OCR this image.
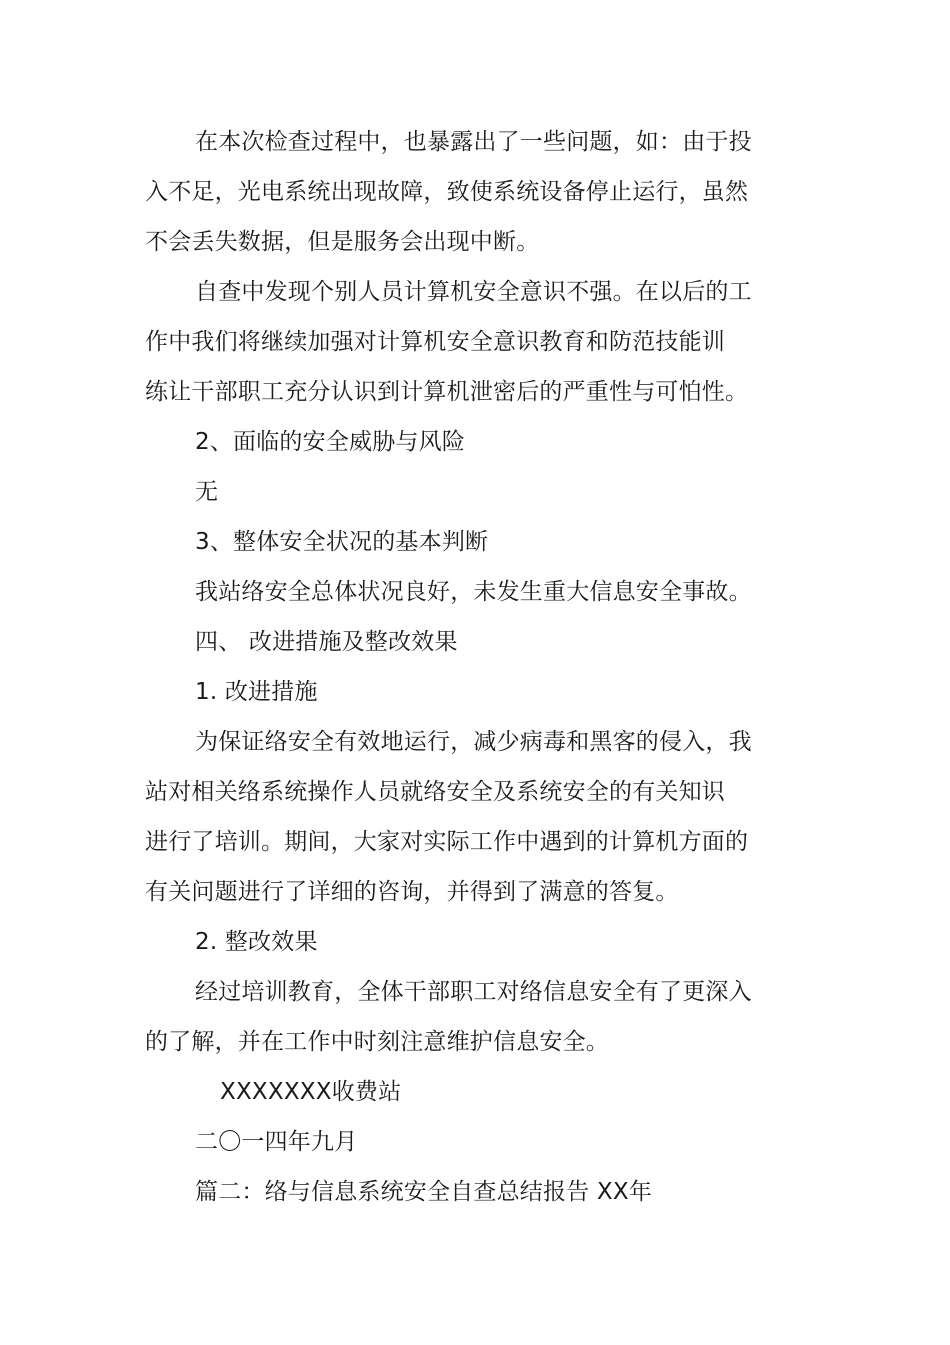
在本次检查过程中，也暴露出了一些问题，如：由于投
入不足，光电系统出现故障，致使系统设备停止运行，虽然
不会丢失数据，但是服务会出现中断。
自查中发现个别人员计算机安全意识不强。在以后的工
作中我们将继续加强对计算机安全意识教育和防范技能训
练让干部职工充分认识到计算机泄密后的严重性与可怕性。
2、面临的安全威胁与风险
无
3、整体安全状况的基本判断
我站络安全总体状况良好，未发生重大信息安全事故。
四、 改进措施及整改效果
1. 改进措施
为保证络安全有效地运行，减少病毒和黑客的侵入，我
站对相关络系统操作人员就络安全及系统安全的有关知识
进行了培训。期间，大家对实际工作中遇到的计算机方面的
有关问题进行了详细的咨询，并得到了满意的答复。
2. 整改效果
经过培训教育，全体干部职工对络信息安全有了更深入
的了解，并在工作中时刻注意维护信息安全。
XXXXXXX收费站
二〇一四年九月
篇二：络与信息系统安全自查总结报告 XX年
